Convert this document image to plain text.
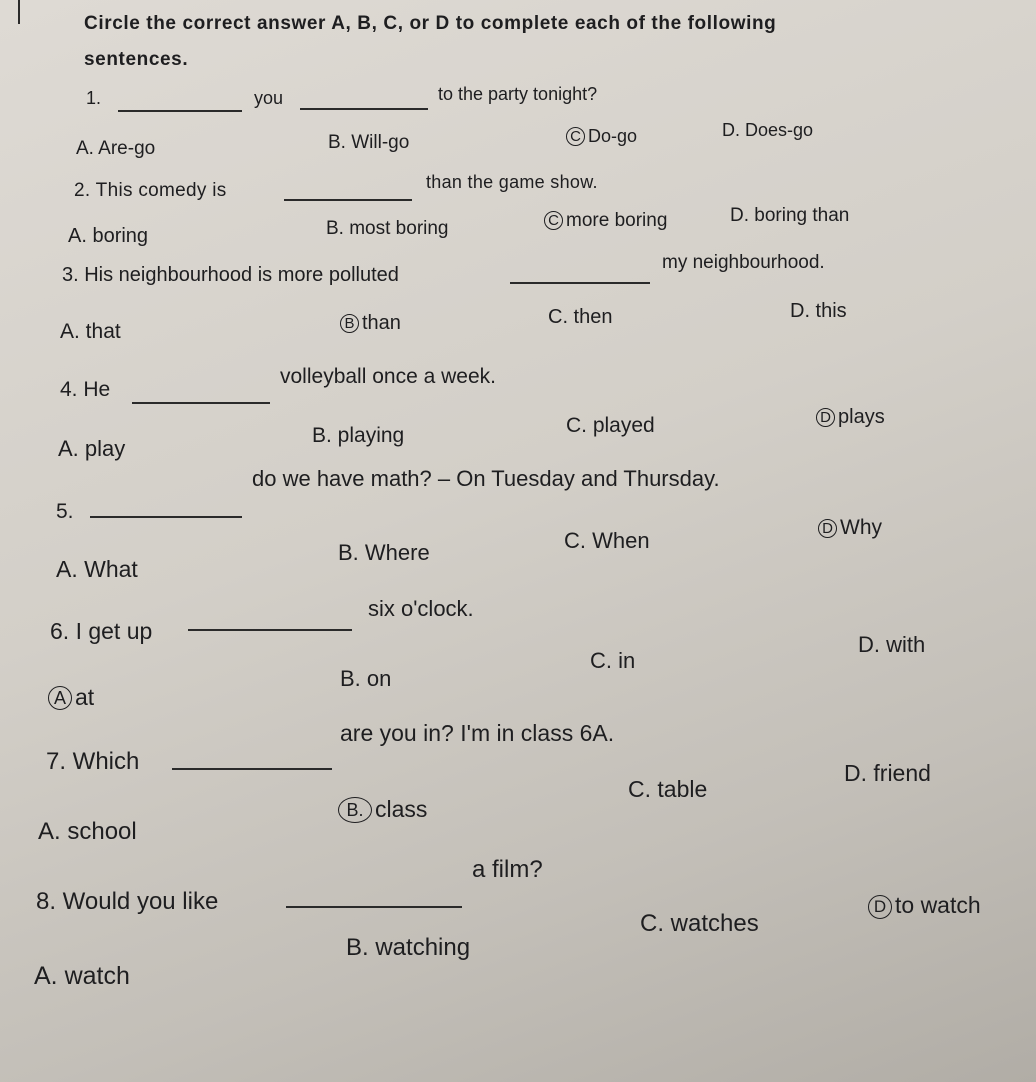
Circle the correct answer A, B, C, or D to complete each of the following sentences.
1.	you	to the party tonight?
A. Are-go	B. Will-go	C Do-go	D. Does-go
2. This comedy is	than the game show.
A. boring	B. most boring	C more boring	D. boring than
3. His neighbourhood is more polluted
my neighbourhood.
A. that	B than	C. then	D. this
4. He
volleyball once a week.
A. play
B. playing	C. played	D plays
5.
do we have math? – On Tuesday and Thursday.
A. What
B. Where	C. When	D Why
6. I get up
six o'clock.
A at
B. on
C. in
D. with
7. Which
are you in? I'm in class 6A.
A. school
B. class
C. table
D. friend
8. Would you like
a film?
A. watch
B. watching
C. watches
D to watch
